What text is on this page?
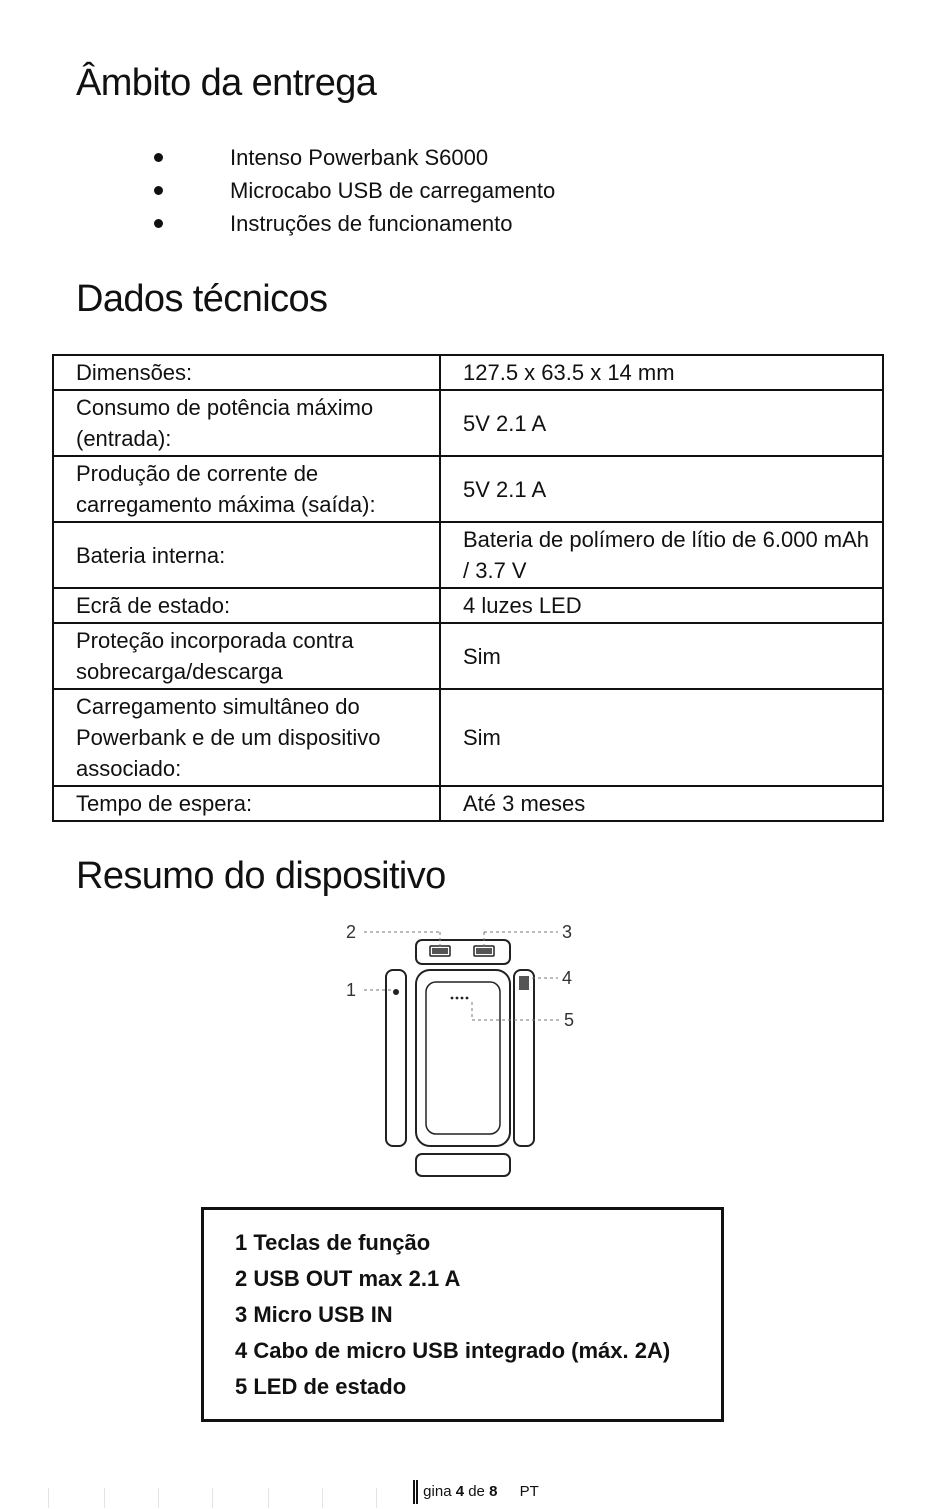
Âmbito da entrega
Intenso Powerbank S6000
Microcabo USB de carregamento
Instruções de funcionamento
Dados técnicos
Dimensões:	127.5 x 63.5 x 14 mm
Consumo de potência máximo (entrada):	5V 2.1 A
Produção de corrente de carregamento máxima (saída):	5V 2.1 A
Bateria interna:	Bateria de polímero de lítio de 6.000 mAh / 3.7 V
Ecrã de estado:	4 luzes LED
Proteção incorporada contra sobrecarga/descarga	Sim
Carregamento simultâneo do Powerbank e de um dispositivo associado:	Sim
Tempo de espera:	Até 3 meses
Resumo do dispositivo
1
2	3
4
5
1 Teclas de função
2 USB OUT max 2.1 A
3 Micro USB IN
4 Cabo de micro USB integrado (máx. 2A)
5 LED de estado
gina 4 de 8 PT
